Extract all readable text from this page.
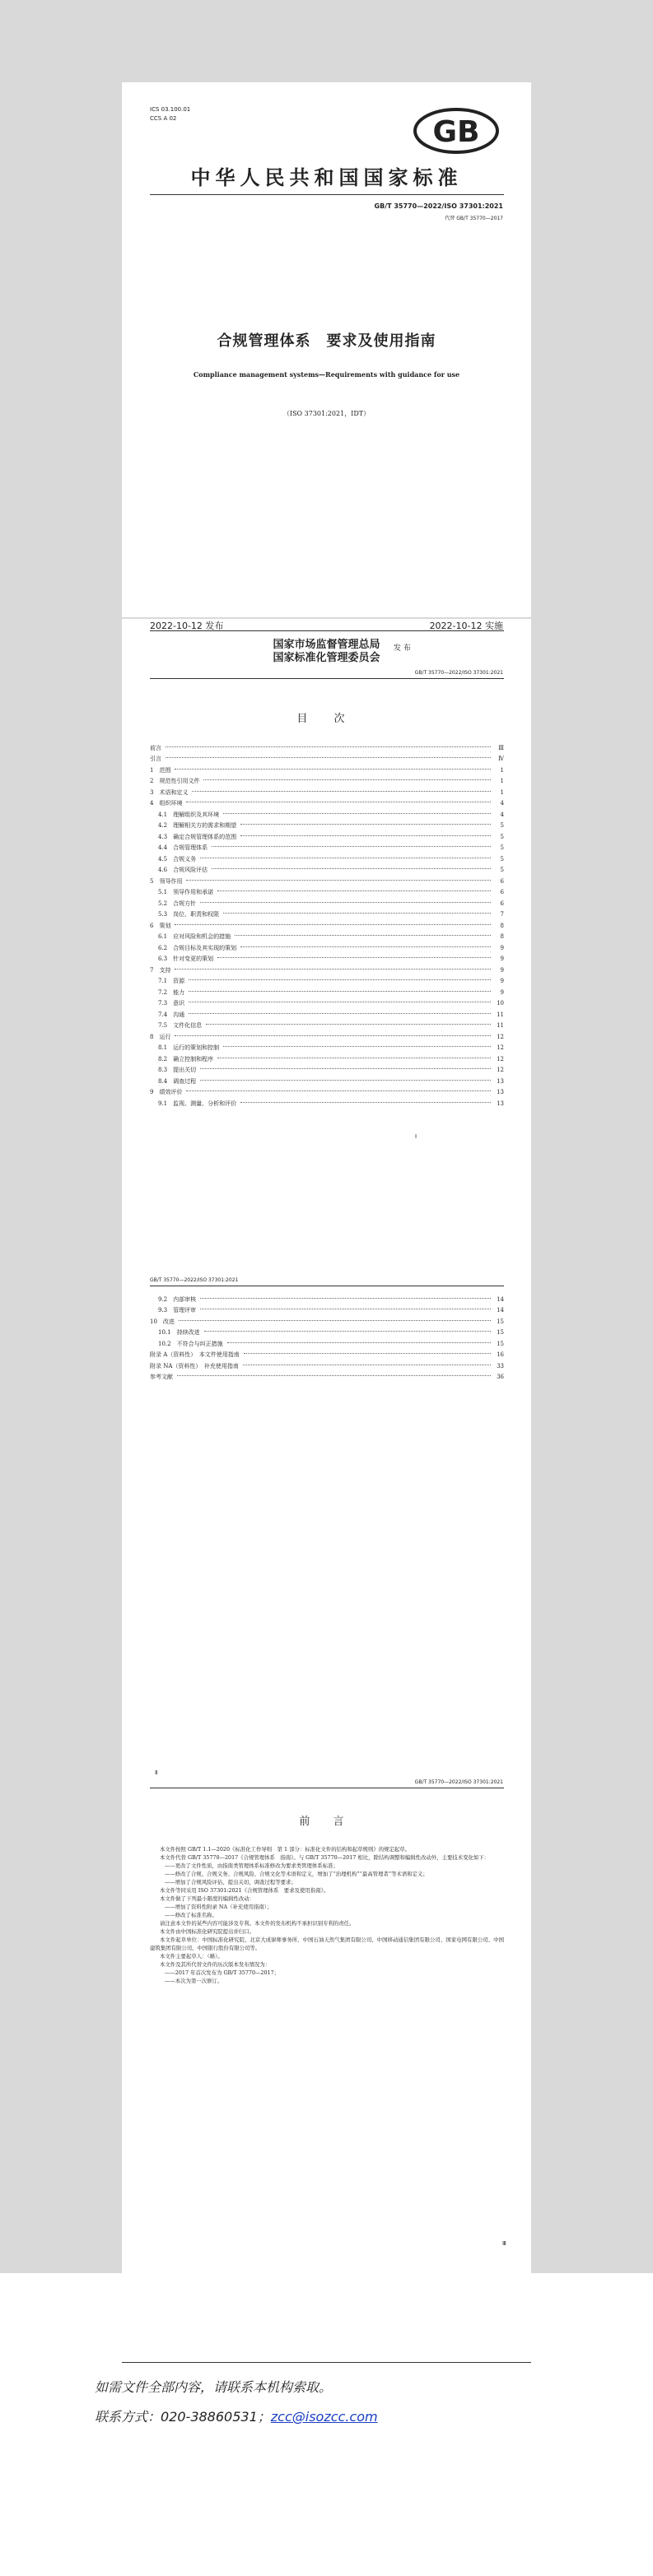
ICS 03.100.01
CCS A 02	GB
中华人民共和国国家标准
GB/T 35770—2022/ISO 37301:2021
代替 GB/T 35770—2017
合规管理体系　要求及使用指南
Compliance management systems—Requirements with guidance for use
（ISO 37301:2021，IDT）
2022-10-12 发布	2022-10-12 实施
国家市场监督管理总局
国家标准化管理委员会
发 布
GB/T 35770—2022/ISO 37301:2021
目 次
前言	Ⅲ
引言	Ⅳ
1　范围	1
2　规范性引用文件	1
3　术语和定义	1
4　组织环境	4
4.1　理解组织及其环境	4
4.2　理解相关方的需求和期望	5
4.3　确定合规管理体系的范围	5
4.4　合规管理体系	5
4.5　合规义务	5
4.6　合规风险评估	5
5　领导作用	6
5.1　领导作用和承诺	6
5.2　合规方针	6
5.3　岗位、职责和权限	7
6　策划	8
6.1　应对风险和机会的措施	8
6.2　合规目标及其实现的策划	9
6.3　针对变更的策划	9
7　支持	9
7.1　资源	9
7.2　能力	9
7.3　意识	10
7.4　沟通	11
7.5　文件化信息	11
8　运行	12
8.1　运行的策划和控制	12
8.2　确立控制和程序	12
8.3　提出关切	12
8.4　调查过程	13
9　绩效评价	13
9.1　监视、测量、分析和评价	13
Ⅰ
GB/T 35770—2022/ISO 37301:2021
9.2　内部审核	14
9.3　管理评审	14
10　改进	15
10.1　持续改进	15
10.2　不符合与纠正措施	15
附录 A（资料性）　本文件使用指南	16
附录 NA（资料性）　补充使用指南	33
参考文献	36
Ⅱ
GB/T 35770—2022/ISO 37301:2021
前 言

本文件按照 GB/T 1.1—2020《标准化工作导则　第 1 部分：标准化文件的结构和起草规则》的规定起草。

本文件代替 GB/T 35770—2017《合规管理体系　指南》。与 GB/T 35770—2017 相比，除结构调整和编辑性改动外，主要技术变化如下：

——更改了文件性质，由指南类管理体系标准修改为要求类管理体系标准；

——修改了合规、合规义务、合规风险、合规文化等术语和定义，增加了“治理机构”“最高管理者”等术语和定义；

——增加了合规风险评估、提出关切、调查过程等要求；

本文件等同采用 ISO 37301:2021《合规管理体系　要求及使用指南》。

本文件做了下列最小限度的编辑性改动：

——增加了资料性附录 NA（补充使用指南）；

——修改了标准名称。

请注意本文件的某些内容可能涉及专利。本文件的发布机构不承担识别专利的责任。

本文件由中国标准化研究院提出并归口。

本文件起草单位：中国标准化研究院、北京大成律师事务所、中国石油天然气集团有限公司、中国移动通信集团有限公司、国家电网有限公司、中国建筑集团有限公司、中国银行股份有限公司等。

本文件主要起草人：（略）。

本文件及其所代替文件的历次版本发布情况为：

——2017 年首次发布为 GB/T 35770—2017；

——本次为第一次修订。

Ⅲ
如需文件全部内容，请联系本机构索取。
联系方式：020-38860531；zcc@isozcc.com
